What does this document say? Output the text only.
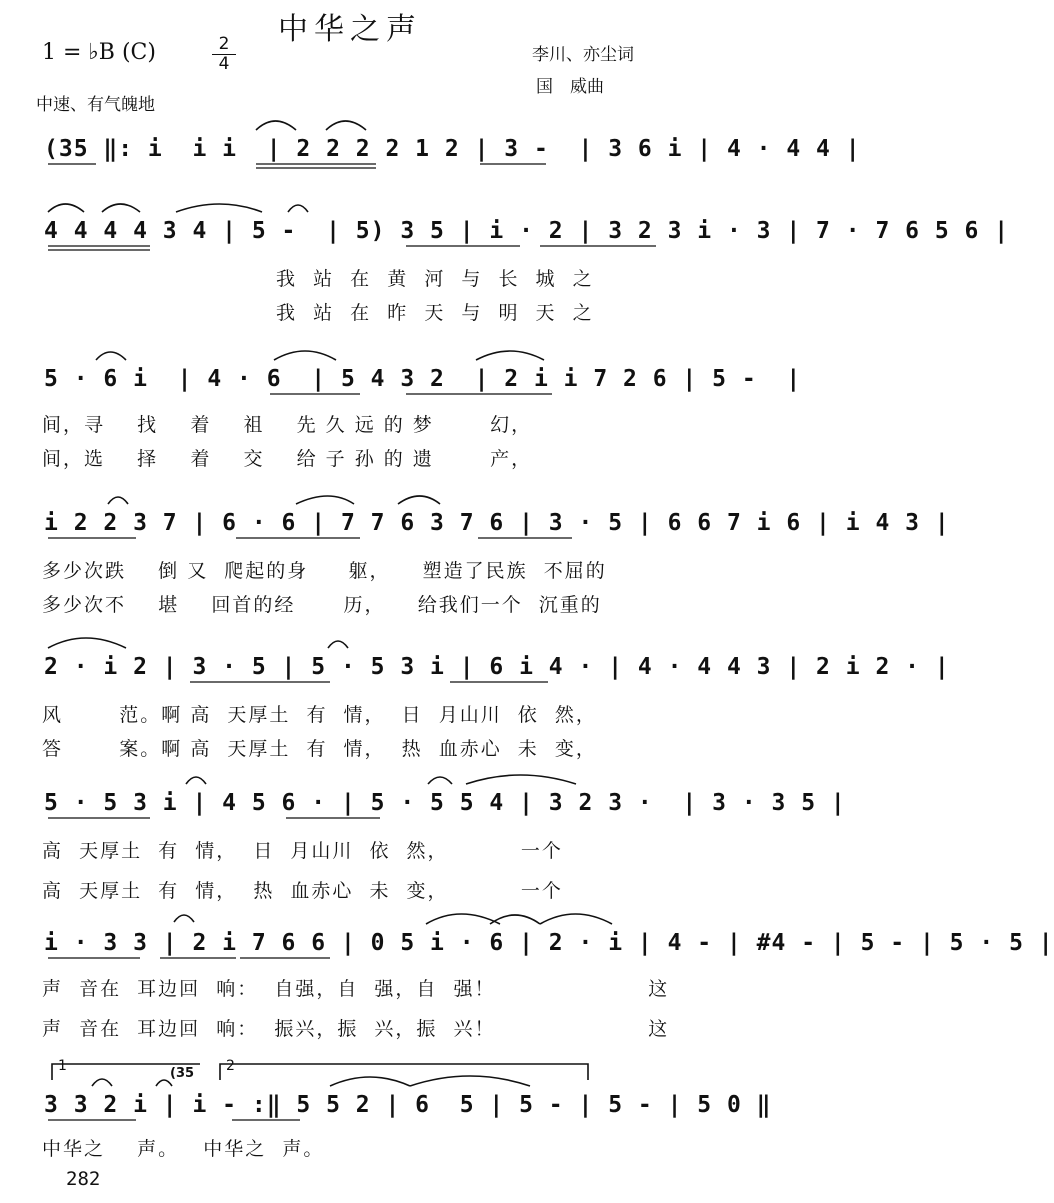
中华之声
1 = ♭B (C)	2
4	李川、亦尘词
国　威曲
中速、有气魄地
(35 ‖: i  i i  | 2 2 2 2 1 2 | 3 -  | 3 6 i | 4 · 4 4 |
4 4 4 4 3 4 | 5 -  | 5) 3 5 | i · 2 | 3 2 3 i · 3 | 7 · 7 6 5 6 |
我  站  在  黄  河  与  长  城  之
我  站  在  昨  天  与  明  天  之
5 · 6 i  | 4 · 6  | 5 4 3 2  | 2 i i 7 2 6 | 5 -  |
间，寻    找    着    祖    先 久 远 的 梦       幻，
间，选    择    着    交    给 子 孙 的 遗       产，
i 2 2 3 7 | 6 · 6 | 7 7 6 3 7 6 | 3 · 5 | 6 6 7 i 6 | i 4 3 |
多少次跌    倒 又  爬起的身     躯，    塑造了民族  不屈的
多少次不    堪    回首的经      历，    给我们一个  沉重的
2 · i 2 | 3 · 5 | 5 · 5 3 i | 6 i 4 · | 4 · 4 4 3 | 2 i 2 · |
风       范。啊 高  天厚土  有  情，  日  月山川  依  然，
答       案。啊 高  天厚土  有  情，  热  血赤心  未  变，
5 · 5 3 i | 4 5 6 · | 5 · 5 5 4 | 3 2 3 ·  | 3 · 3 5 |
高  天厚土  有  情，  日  月山川  依  然，         一个
高  天厚土  有  情，  热  血赤心  未  变，         一个
i · 3 3 | 2 i 7 6 6 | 0 5 i · 6 | 2 · i | 4 - | #4 - | 5 - | 5 · 5 |
声  音在  耳边回  响：  自强，自  强，自  强！                   这
声  音在  耳边回  响：  振兴，振  兴，振  兴！                   这
1	2
(35
3 3 2 i | i - :‖ 5 5 2 | 6  5 | 5 - | 5 - | 5 0 ‖
中华之    声。   中华之  声。
282
